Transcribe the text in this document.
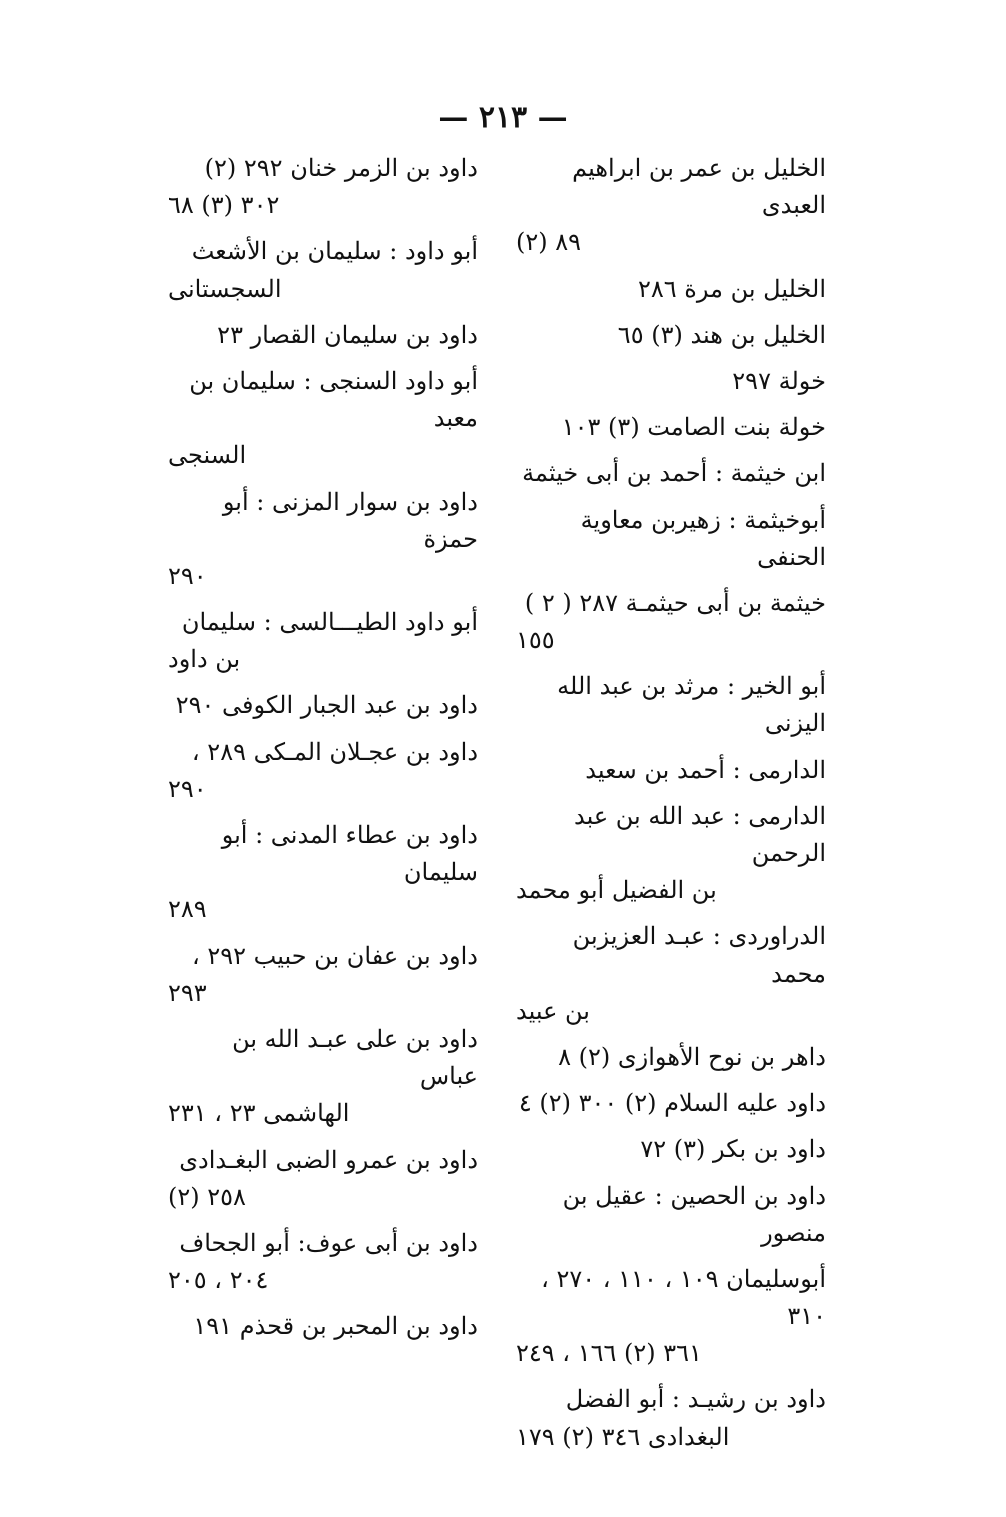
— ٢١٣ —
الخليل بن عمر بن ابراهيم العبدى
٨٩ (٢)
الخليل بن مرة ٢٨٦
الخليل بن هند (٣) ٦٥
خولة ٢٩٧
خولة بنت الصامت (٣) ١٠٣
ابن خيثمة : أحمد بن أبى خيثمة
أبوخيثمة : زهيربن معاوية الحنفى
خيثمة بن أبى حيثمـة ٢٨٧ ( ٢ )
١٥٥
أبو الخير : مرثد بن عبد الله اليزنى
الدارمى : أحمد بن سعيد
الدارمى : عبد الله بن عبد الرحمن
بن الفضيل أبو محمد
الدراوردى : عبـد العزيزبن محمد
بن عبيد
داهر بن نوح الأهوازى (٢) ٨
داود عليه السلام (٢) ٣٠٠ (٢) ٤
داود بن بكر (٣) ٧٢
داود بن الحصين : عقيل بن منصور
أبوسليمان ١٠٩ ، ١١٠ ، ٢٧٠ ، ٣١٠
٣٦١ (٢) ١٦٦ ، ٢٤٩
داود بن رشيـد : أبو الفضل
البغدادى ٣٤٦ (٢) ١٧٩
داود بن الزمر خنان ٢٩٢ (٢)
٣٠٢ (٣) ٦٨
أبو داود : سليمان بن الأشعث
السجستانى
داود بن سليمان القصار ٢٣
أبو داود السنجى : سليمان بن معبد
السنجى
داود بن سوار المزنى : أبو حمزة
٢٩٠
أبو داود الطيـــالسى : سليمان
بن داود
داود بن عبد الجبار الكوفى ٢٩٠
داود بن عجـلان المـكى ٢٨٩ ،
٢٩٠
داود بن عطاء المدنى : أبو سليمان
٢٨٩
داود بن عفان بن حبيب ٢٩٢ ،
٢٩٣
داود بن على عبـد الله بن عباس
الهاشمى ٢٣ ، ٢٣١
داود بن عمرو الضبى البغـدادى
٢٥٨ (٢)
داود بن أبى عوف: أبو الجحاف
٢٠٤ ، ٢٠٥
داود بن المحبر بن قحذم ١٩١
